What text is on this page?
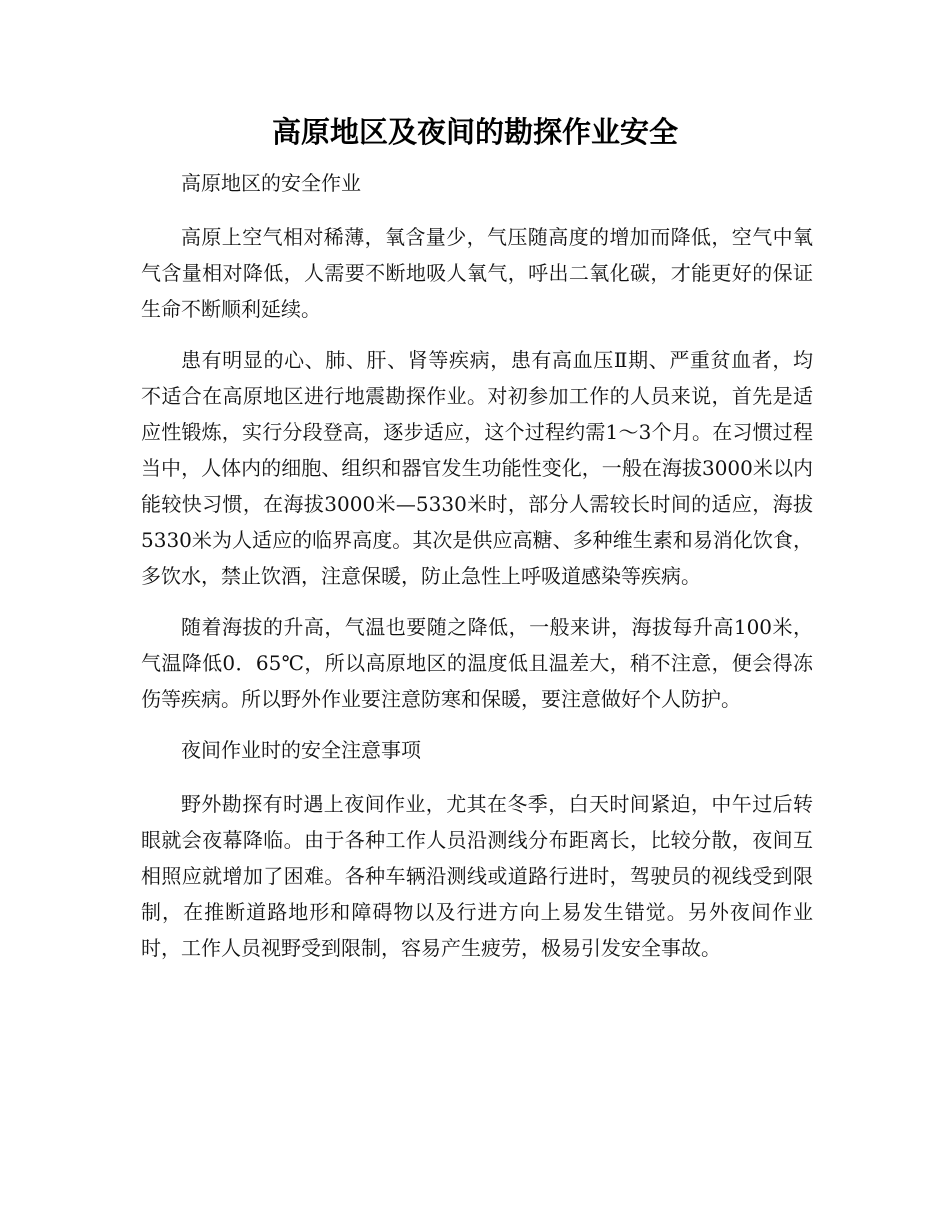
高原地区及夜间的勘探作业安全

高原地区的安全作业

高原上空气相对稀薄，氧含量少，气压随高度的增加而降低，空气中氧气含量相对降低，人需要不断地吸人氧气，呼出二氧化碳，才能更好的保证生命不断顺利延续。

患有明显的心、肺、肝、肾等疾病，患有高血压Ⅱ期、严重贫血者，均不适合在高原地区进行地震勘探作业。对初参加工作的人员来说，首先是适应性锻炼，实行分段登高，逐步适应，这个过程约需1～3个月。在习惯过程当中，人体内的细胞、组织和器官发生功能性变化，一般在海拔3000米以内能较快习惯，在海拔3000米—5330米时，部分人需较长时间的适应，海拔5330米为人适应的临界高度。其次是供应高糖、多种维生素和易消化饮食，多饮水，禁止饮酒，注意保暖，防止急性上呼吸道感染等疾病。

随着海拔的升高，气温也要随之降低，一般来讲，海拔每升高100米，气温降低0．65℃，所以高原地区的温度低且温差大，稍不注意，便会得冻伤等疾病。所以野外作业要注意防寒和保暖，要注意做好个人防护。

夜间作业时的安全注意事项

野外勘探有时遇上夜间作业，尤其在冬季，白天时间紧迫，中午过后转眼就会夜幕降临。由于各种工作人员沿测线分布距离长，比较分散，夜间互相照应就增加了困难。各种车辆沿测线或道路行进时，驾驶员的视线受到限制，在推断道路地形和障碍物以及行进方向上易发生错觉。另外夜间作业时，工作人员视野受到限制，容易产生疲劳，极易引发安全事故。
